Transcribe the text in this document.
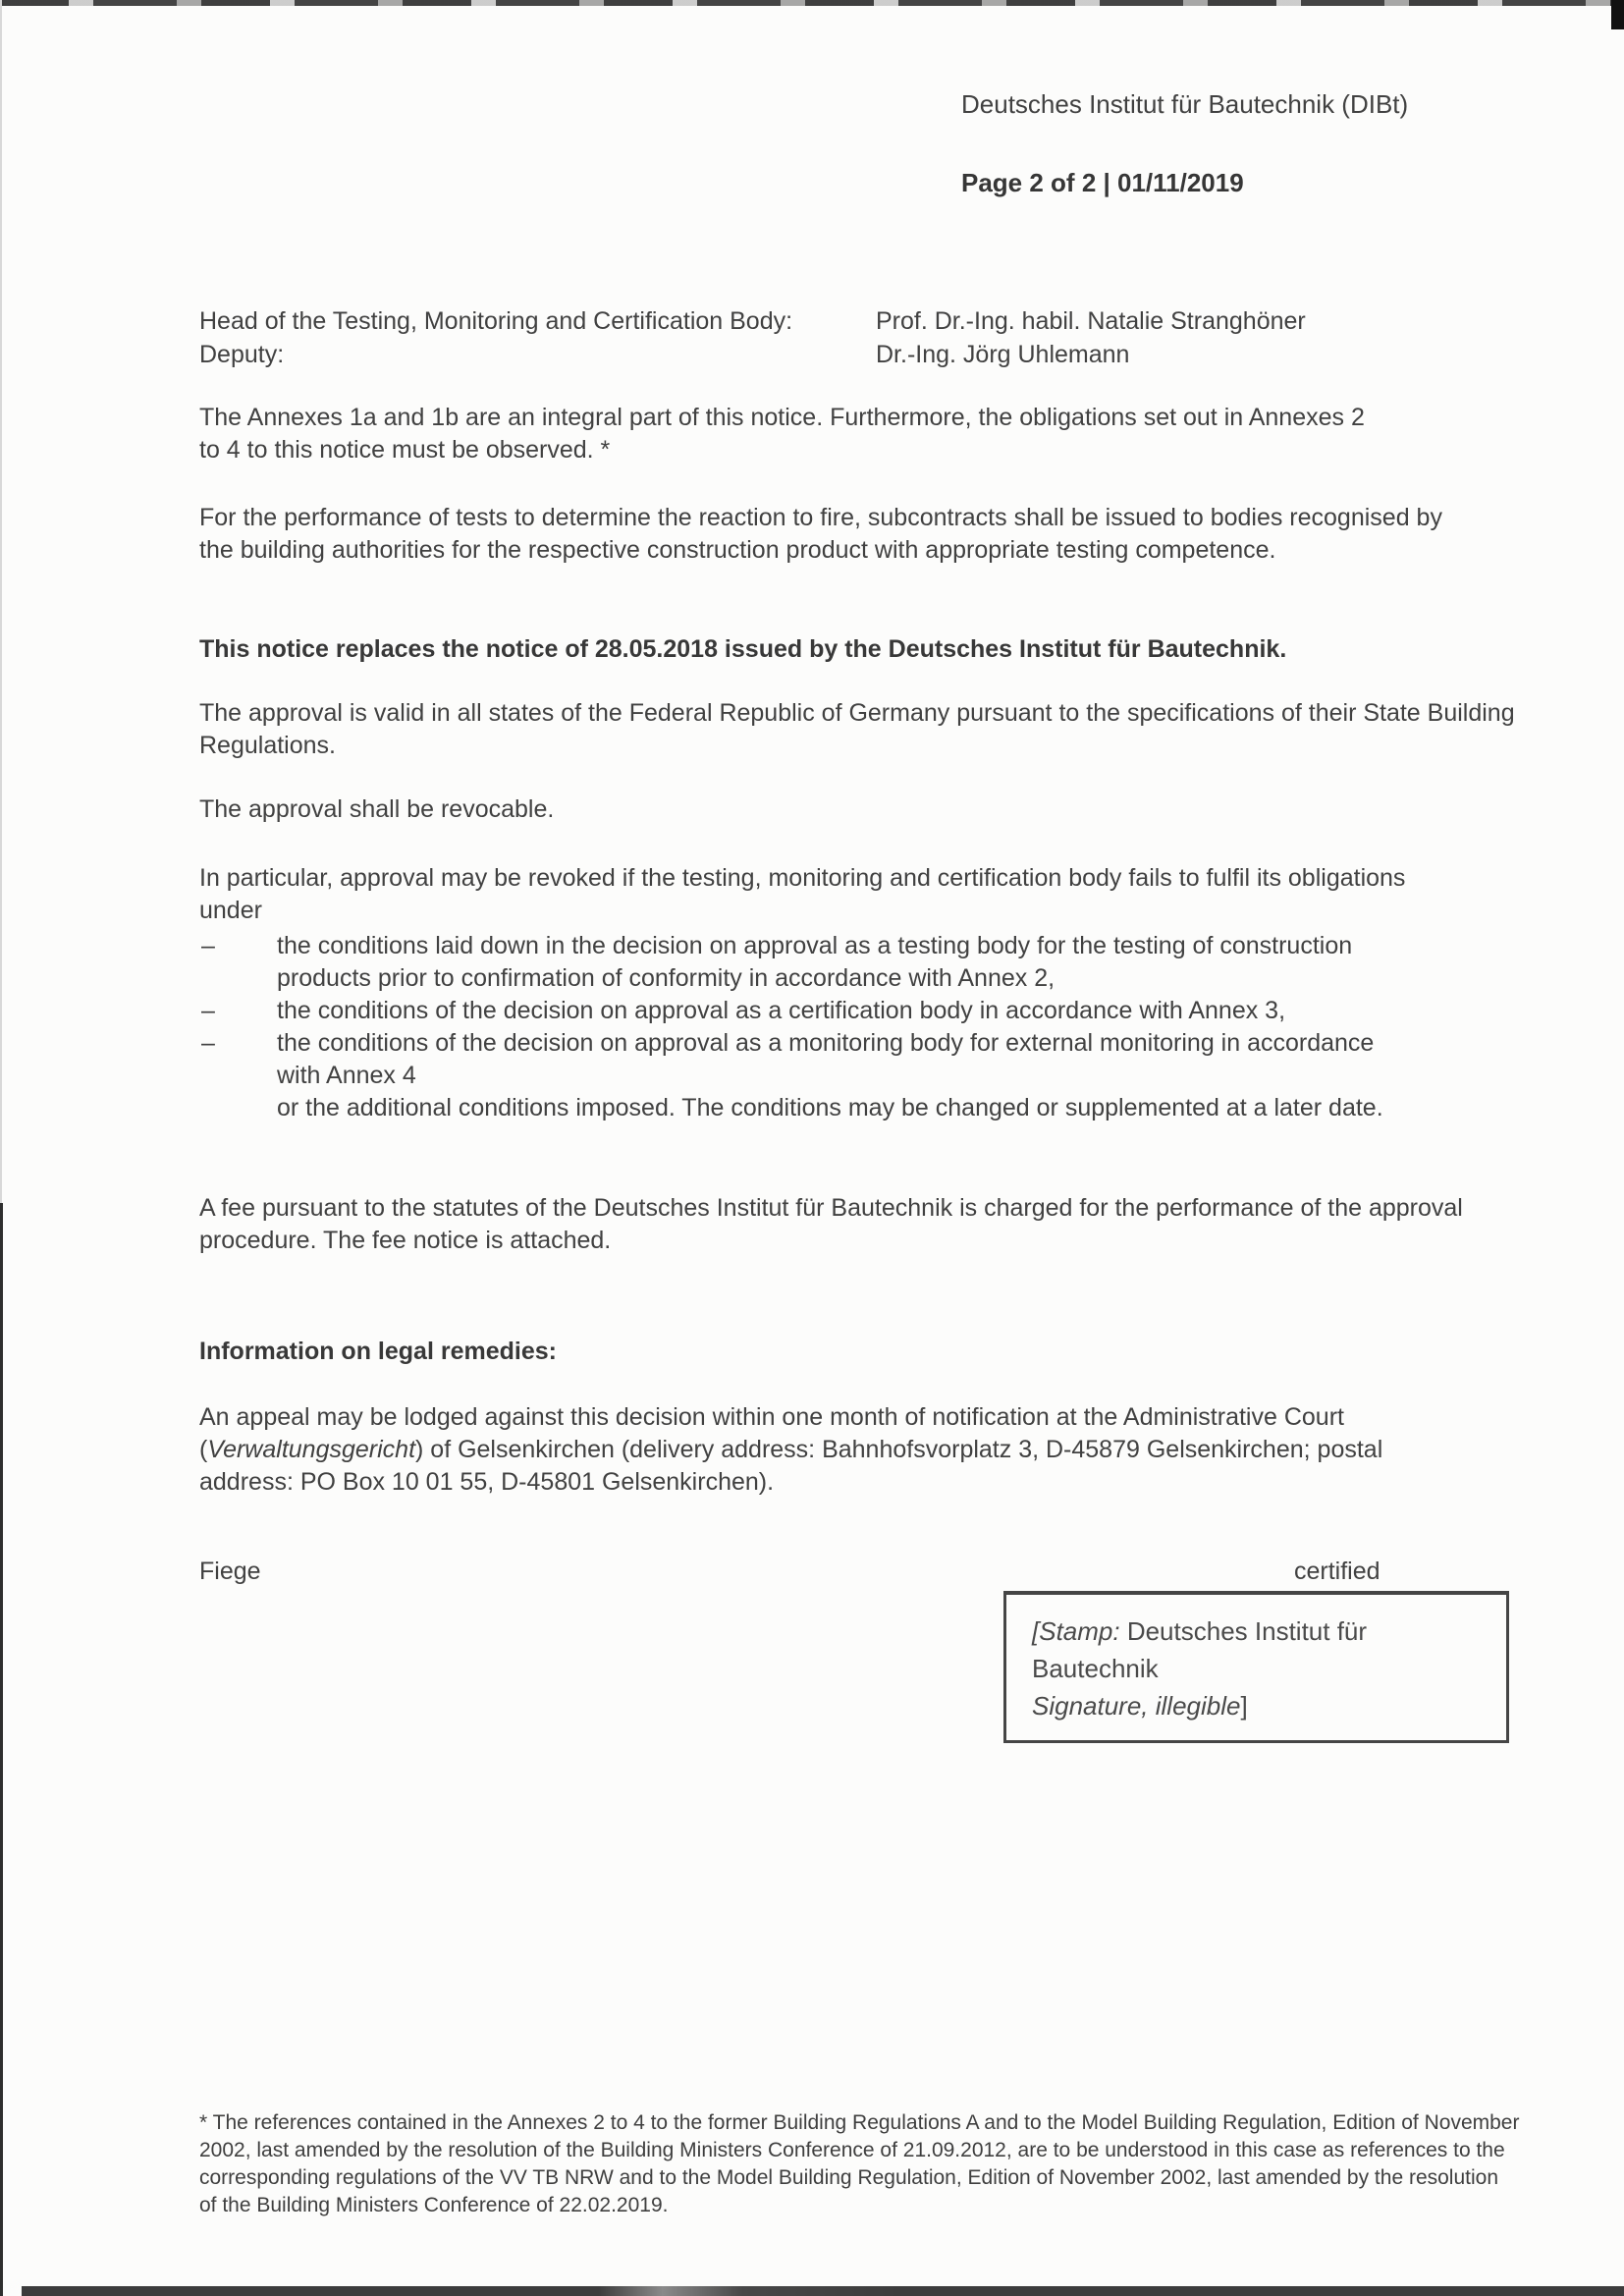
Deutsches Institut für Bautechnik (DIBt)
Page 2 of 2 | 01/11/2019
Head of the Testing, Monitoring and Certification Body:	Prof. Dr.-Ing. habil. Natalie Stranghöner
Deputy:	Dr.-Ing. Jörg Uhlemann
The Annexes 1a and 1b are an integral part of this notice. Furthermore, the obligations set out in Annexes 2 to 4 to this notice must be observed. *
For the performance of tests to determine the reaction to fire, subcontracts shall be issued to bodies recognised by the building authorities for the respective construction product with appropriate testing competence.
This notice replaces the notice of 28.05.2018 issued by the Deutsches Institut für Bautechnik.
The approval is valid in all states of the Federal Republic of Germany pursuant to the specifications of their State Building Regulations.
The approval shall be revocable.
In particular, approval may be revoked if the testing, monitoring and certification body fails to fulfil its obligations under
–	the conditions laid down in the decision on approval as a testing body for the testing of construction products prior to confirmation of conformity in accordance with Annex 2,
–	the conditions of the decision on approval as a certification body in accordance with Annex 3,
–	the conditions of the decision on approval as a monitoring body for external monitoring in accordance with Annex 4
or the additional conditions imposed. The conditions may be changed or supplemented at a later date.
A fee pursuant to the statutes of the Deutsches Institut für Bautechnik is charged for the performance of the approval procedure. The fee notice is attached.
Information on legal remedies:
An appeal may be lodged against this decision within one month of notification at the Administrative Court (Verwaltungsgericht) of Gelsenkirchen (delivery address: Bahnhofsvorplatz 3, D-45879 Gelsenkirchen; postal address: PO Box 10 01 55, D-45801 Gelsenkirchen).
Fiege	certified
[Stamp: Deutsches Institut für
Bautechnik
Signature, illegible]
* The references contained in the Annexes 2 to 4 to the former Building Regulations A and to the Model Building Regulation, Edition of November 2002, last amended by the resolution of the Building Ministers Conference of 21.09.2012, are to be understood in this case as references to the corresponding regulations of the VV TB NRW and to the Model Building Regulation, Edition of November 2002, last amended by the resolution of the Building Ministers Conference of 22.02.2019.
